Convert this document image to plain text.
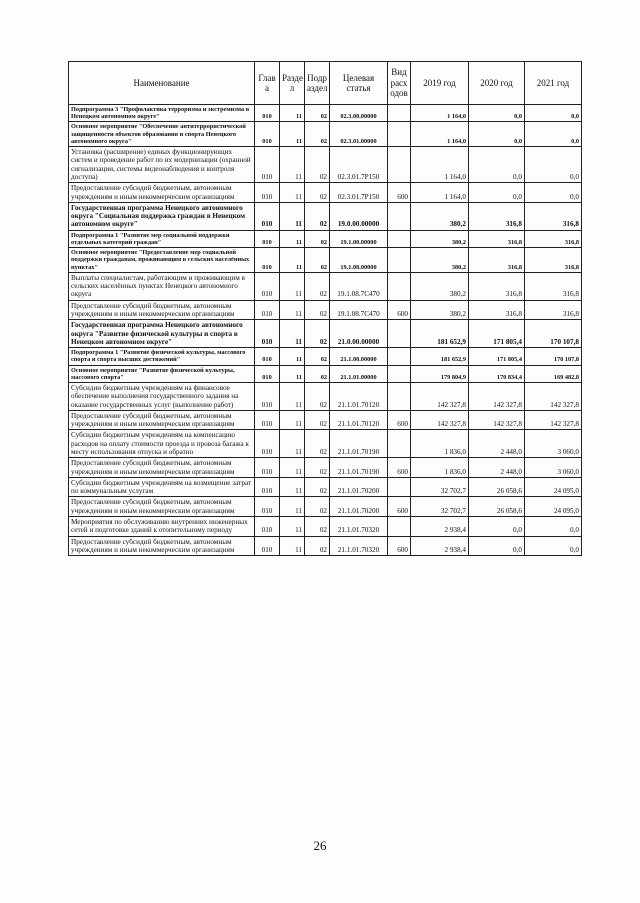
Наименование	Глав а	Разде л	Подр аздел	Целевая статья	Вид расх одов	2019 год	2020 год	2021 год
Подпрограмма 3 "Профилактика терроризма и экстремизма в Ненецком автономном округе"	010	11	02	02.3.00.00000		1 164,0	0,0	0,0
Основное мероприятие "Обеспечение антитеррористической защищенности объектов образования и спорта Ненецкого автономного округа"	010	11	02	02.3.01.00000		1 164,0	0,0	0,0
Установка (расширение) единых функционирующих систем и проведение работ по их модернизации (охранной сигнализации, системы видеонаблюдения и контроля доступа)	010	11	02	02.3.01.7Р150		1 164,0	0,0	0,0
Предоставление субсидий бюджетным, автономным учреждениям и иным некоммерческим организациям	010	11	02	02.3.01.7Р150	600	1 164,0	0,0	0,0
Государственная программа Ненецкого автономного округа "Социальная поддержка граждан в Ненецком автономном округе"	010	11	02	19.0.00.00000		380,2	316,8	316,8
Подпрограмма 1 "Развитие мер социальной поддержки отдельных категорий граждан"	010	11	02	19.1.00.00000		380,2	316,8	316,8
Основное мероприятие "Предоставление мер социальной поддержки гражданам, проживающим в сельских населённых пунктах"	010	11	02	19.1.08.00000		380,2	316,8	316,8
Выплаты специалистам, работающим и проживающим в сельских населённых пунктах Ненецкого автономного округа	010	11	02	19.1.08.7С470		380,2	316,8	316,8
Предоставление субсидий бюджетным, автономным учреждениям и иным некоммерческим организациям	010	11	02	19.1.08.7С470	600	380,2	316,8	316,8
Государственная программа Ненецкого автономного округа "Развитие физической культуры и спорта в Ненецком автономном округе"	010	11	02	21.0.00.00000		181 652,9	171 805,4	170 107,8
Подпрограмма 1 "Развитие физической культуры, массового спорта и спорта высших достижений"	010	11	02	21.1.00.00000		181 652,9	171 805,4	170 107,8
Основное мероприятие "Развитие физической культуры, массового спорта"	010	11	02	21.1.01.00000		179 804,9	170 834,4	169 482,8
Субсидии бюджетным учреждениям на финансовое обеспечение выполнения государственного задания на оказание государственных услуг (выполнение работ)	010	11	02	21.1.01.70120		142 327,8	142 327,8	142 327,8
Предоставление субсидий бюджетным, автономным учреждениям и иным некоммерческим организациям	010	11	02	21.1.01.70120	600	142 327,8	142 327,8	142 327,8
Субсидии бюджетным учреждениям на компенсацию расходов на оплату стоимости проезда и провоза багажа к месту использования отпуска и обратно	010	11	02	21.1.01.70190		1 836,0	2 448,0	3 060,0
Предоставление субсидий бюджетным, автономным учреждениям и иным некоммерческим организациям	010	11	02	21.1.01.70190	600	1 836,0	2 448,0	3 060,0
Субсидии бюджетным учреждениям на возмещение затрат по коммунальным услугам	010	11	02	21.1.01.70200		32 702,7	26 058,6	24 095,0
Предоставление субсидий бюджетным, автономным учреждениям и иным некоммерческим организациям	010	11	02	21.1.01.70200	600	32 702,7	26 058,6	24 095,0
Мероприятия по обслуживанию внутренних инженерных сетей и подготовке зданий к отопительному периоду	010	11	02	21.1.01.70320		2 938,4	0,0	0,0
Предоставление субсидий бюджетным, автономным учреждениям и иным некоммерческим организациям	010	11	02	21.1.01.70320	600	2 938,4	0,0	0,0
26
